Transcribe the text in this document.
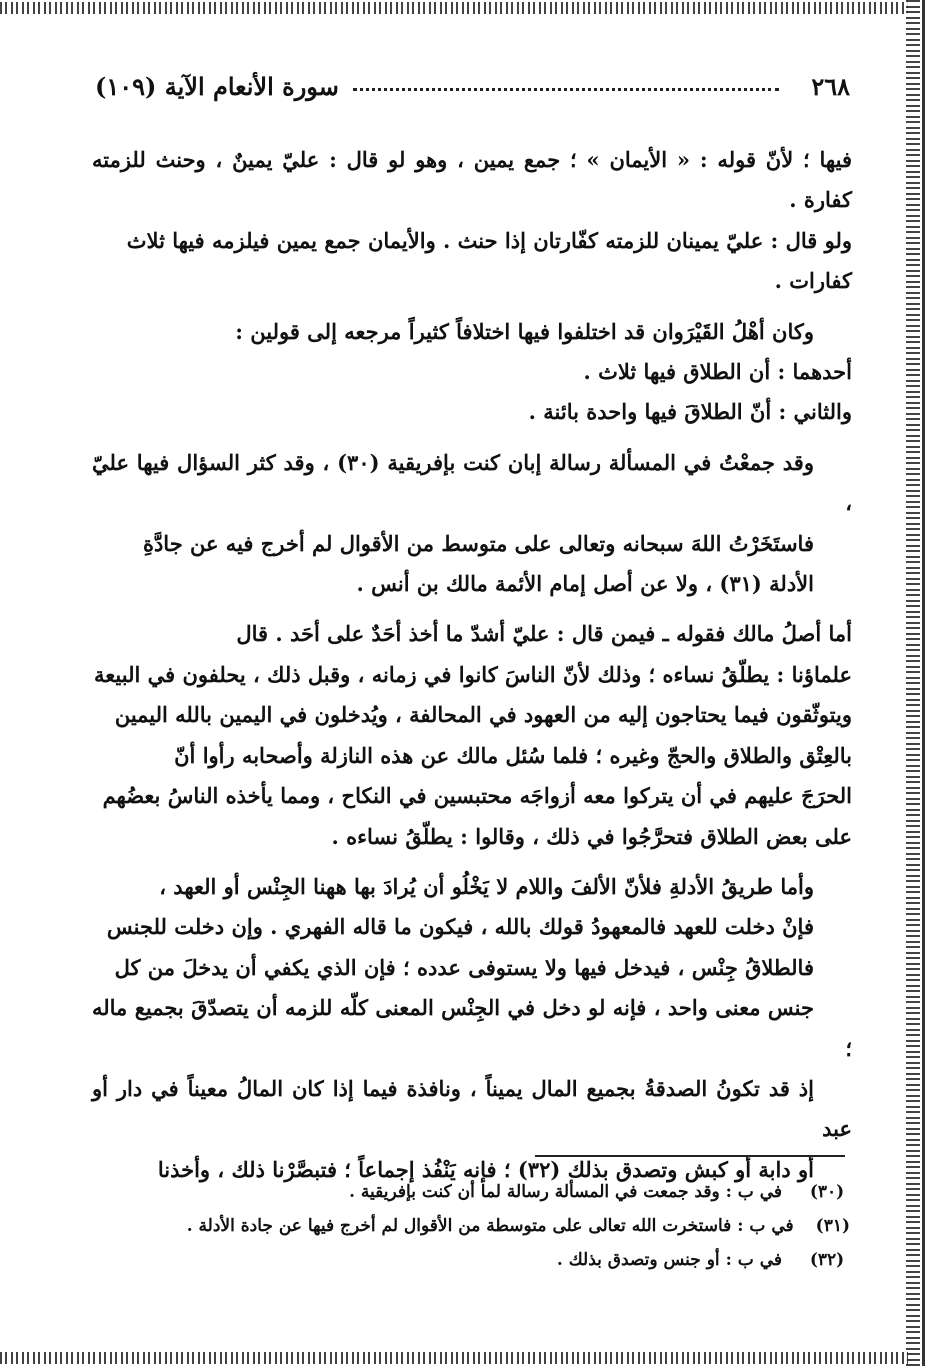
٢٦٨
سورة الأنعام الآية (١٠٩)

فيها ؛ لأنّ قوله : « الأيمان » ؛ جمع يمين ، وهو لو قال : عليّ يمينٌ ، وحنث للزمته كفارة .
ولو قال : عليّ يمينان للزمته كفّارتان إذا حنث . والأيمان جمع يمين فيلزمه فيها ثلاث
كفارات .

وكان أهْلُ القَيْرَوان قد اختلفوا فيها اختلافاً كثيراً مرجعه إلى قولين :

أحدهما : أن الطلاق فيها ثلاث .

والثاني : أنّ الطلاقَ فيها واحدة بائنة .

وقد جمعْتُ في المسألة رسالة إبان كنت بإفريقية (٣٠) ، وقد كثر السؤال فيها عليّ ،
فاستَخَرْتُ اللهَ سبحانه وتعالى على متوسط من الأقوال لم أخرج فيه عن جادَّةِ
الأدلة (٣١) ، ولا عن أصل إمام الأئمة مالك بن أنس .

أما أصلُ مالك فقوله ـ فيمن قال : عليّ أشدّ ما أخذ أحَدٌ على أحَد . قال
علماؤنا : يطلّقُ نساءه ؛ وذلك لأنّ الناسَ كانوا في زمانه ، وقبل ذلك ، يحلفون في البيعة
ويتوثّقون فيما يحتاجون إليه من العهود في المحالفة ، ويُدخلون في اليمين بالله اليمين
بالعِتْق والطلاق والحجّ وغيره ؛ فلما سُئل مالك عن هذه النازلة وأصحابه رأوا أنّ
الحرَجَ عليهم في أن يتركوا معه أزواجَه محتبسين في النكاح ، ومما يأخذه الناسُ بعضُهم
على بعض الطلاق فتحرَّجُوا في ذلك ، وقالوا : يطلّقُ نساءه .

وأما طريقُ الأدلةِ فلأنّ الألفَ واللام لا يَخْلُو أن يُرادَ بها ههنا الجِنْس أو العهد ،
فإنْ دخلت للعهد فالمعهودُ قولك بالله ، فيكون ما قاله الفهري . وإن دخلت للجنس
فالطلاقُ جِنْس ، فيدخل فيها ولا يستوفى عدده ؛ فإن الذي يكفي أن يدخلَ من كل
جنس معنى واحد ، فإنه لو دخل في الجِنْس المعنى كلّه للزمه أن يتصدّقَ بجميع ماله ؛
إذ قد تكونُ الصدقةُ بجميع المال يميناً ، ونافذة فيما إذا كان المالُ معيناً في دار أو عبد
أو دابة أو كبش وتصدق بذلك (٣٢) ؛ فإنه يَنْفُذ إجماعاً ؛ فتبصَّرْنا ذلك ، وأخذنا

(٣٠)
في ب : وقد جمعت في المسألة رسالة لما أن كنت بإفريقية .
(٣١)
في ب : فاستخرت الله تعالى على متوسطة من الأقوال لم أخرج فيها عن جادة الأدلة .
(٣٢)
في ب : أو جنس وتصدق بذلك .
